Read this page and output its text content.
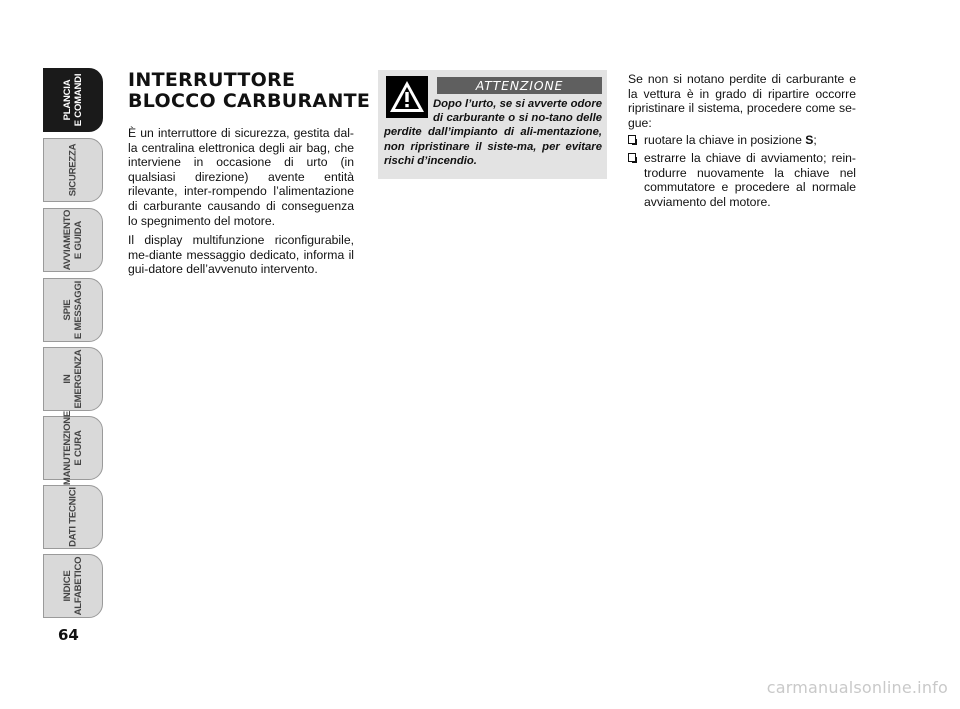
PLANCIA
E COMANDI
SICUREZZA
AVVIAMENTO
E GUIDA
SPIE
E MESSAGGI
IN
EMERGENZA
MANUTENZIONE
E CURA
DATI TECNICI
INDICE
ALFABETICO
64
INTERRUTTORE
BLOCCO CARBURANTE

È un interruttore di sicurezza, gestita dal-la centralina elettronica degli air bag, che interviene in occasione di urto (in qualsiasi direzione) avente entità rilevante, inter-rompendo l’alimentazione di carburante causando di conseguenza lo spegnimento del motore.

Il display multifunzione riconfigurabile, me-diante messaggio dedicato, informa il gui-datore dell’avvenuto intervento.

ATTENZIONE
Dopo l’urto, se si avverte odore di carburante o si no-tano delle perdite dall’impianto di ali-mentazione, non ripristinare il siste-ma, per evitare rischi d’incendio.

Se non si notano perdite di carburante e la vettura è in grado di ripartire occorre ripristinare il sistema, procedere come se-gue:

ruotare la chiave in posizione S;
estrarre la chiave di avviamento; rein-trodurre nuovamente la chiave nel commutatore e procedere al normale avviamento del motore.
carmanualsonline.info
